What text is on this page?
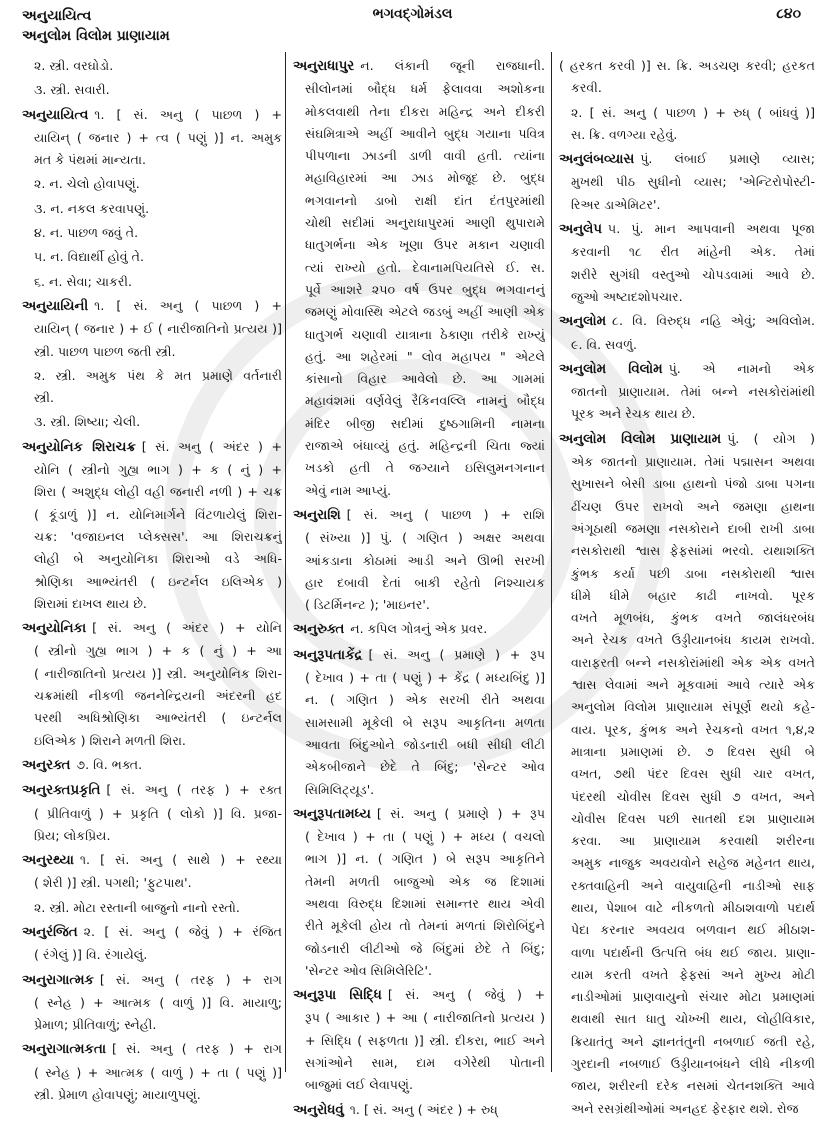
અનુયાયિત્વ
અનુલોમ વિલોમ પ્રાણાયામ
ભગવદ્ગોમંડલ	૮૪૦
૨. સ્ત્રી. વરઘોડો.
૩. સ્ત્રી. સવારી.
અનુયાયિત્વ ૧. [ સં. અનુ ( પાછળ ) +
યાયિન્ ( જનાર ) + ત્વ ( પણું )] ન. અમુક
મત કે પંથમાં માન્યતા.
૨. ન. ચેલો હોવાપણું.
૩. ન. નકલ કરવાપણું.
૪. ન. પાછળ જવું તે.
૫. ન. વિદ્યાર્થી હોવું તે.
૬. ન. સેવા; ચાકરી.
અનુયાયિની ૧. [ સં. અનુ ( પાછળ ) +
યાયિન્ ( જનાર ) + ઈ ( નારીજાતિનો પ્રત્યય )]
સ્ત્રી. પાછળ પાછળ જતી સ્ત્રી.
૨. સ્ત્રી. અમુક પંથ કે મત પ્રમાણે વર્તનારી
સ્ત્રી.
૩. સ્ત્રી. શિષ્યા; ચેલી.
અનુયોનિક શિરાચક્ર [ સં. અનુ ( અંદર ) +
યોનિ ( સ્ત્રીનો ગુહ્ય ભાગ ) + ક ( નું ) +
શિરા ( અશુદ્ધ લોહી વહી જનારી નળી ) + ચક્ર
( કૂંડાળું )] ન. યોનિમાર્ગને વિંટળાયેલું શિરા-
ચક્ર: 'વજાઇનલ પ્લેક્સસ'. આ શિરાચક્રનું
લોહી બે અનુયોનિકા શિરાઓ વડે અધિ-
શ્રોણિકા આભ્યંતરી ( ઇન્ટર્નલ ઇલિએક )
શિરામાં દાખલ થાય છે.
અનુયોનિકા [ સં. અનુ ( અંદર ) + યોનિ
( સ્ત્રીનો ગુહ્ય ભાગ ) + ક ( નું ) + આ
( નારીજાતિનો પ્રત્યય )] સ્ત્રી. અનુયોનિક શિરા-
ચક્રમાંથી નીકળી જનનેન્દ્રિયની અંદરની હદ
પરથી અધિશ્રોણિકા આભ્યંતરી ( ઇન્ટર્નલ
ઇલિએક ) શિરાને મળતી શિરા.
અનુરક્ત ૭. વિ. ભક્ત.
અનુરક્તપ્રકૃતિ [ સં. અનુ ( તરફ ) + રક્ત
( પ્રીતિવાળું ) + પ્રકૃતિ ( લોકો )] વિ. પ્રજા-
પ્રિય; લોકપ્રિય.
અનુરથ્યા ૧. [ સં. અનુ ( સાથે ) + રથ્યા
( શેરી )] સ્ત્રી. પગથી; 'ફુટપાથ'.
૨. સ્ત્રી. મોટા રસ્તાની બાજુનો નાનો રસ્તો.
અનુરંજિત ૨. [ સં. અનુ ( જેવું ) + રંજિત
( રંગેલું )] વિ. રંગાયેલું.
અનુરાગાત્મક [ સં. અનુ ( તરફ ) + રાગ
( સ્નેહ ) + આત્મક ( વાળું )] વિ. માયાળુ;
પ્રેમાળ; પ્રીતિવાળું; સ્નેહી.
અનુરાગાત્મકતા [ સં. અનુ ( તરફ ) + રાગ
( સ્નેહ ) + આત્મક ( વાળું ) + તા ( પણું )]
સ્ત્રી. પ્રેમાળ હોવાપણું; માયાળુપણું.
અનુરાધાપુર ન. લંકાની જૂની રાજધાની.
સીલોનમાં બૌદ્ધ ધર્મ ફેલાવવા અશોકના
મોકલવાથી તેના દીકરા મહિન્દ્ર અને દીકરી
સંઘમિત્રાએ અહીં આવીને બુદ્ધ ગયાના પવિત્ર
પીપળાના ઝાડની ડાળી વાવી હતી. ત્યાંના
મહાવિહારમાં આ ઝાડ મોજૂદ છે. બુદ્ધ
ભગવાનનો ડાબો રાક્ષી દાંત દંતપુરમાંથી
ચોથી સદીમાં અનુરાધાપુરમાં આણી થુપારામે
ધાતુગર્ભના એક ખૂણા ઉપર મકાન ચણાવી
ત્યાં રાખ્યો હતો. દેવાનામપિયતિસે ઈ. સ.
પૂર્વે આશરે ૨૫૦ વર્ષ ઉપર બુદ્ધ ભગવાનનું
જમણું મોવાસ્થિ એટલે જડબું અહીં આણી એક
ધાતુગર્ભ ચણાવી યાત્રાના ઠેકાણા તરીકે રાખ્યું
હતું. આ શહેરમાં " લોવ મહાપય " એટલે
કાંસાનો વિહાર આવેલો છે. આ ગામમાં
મહાવંશમાં વર્ણવેલું રૈકિનવલ્લિ નામનું બૌદ્ધ
મંદિર બીજી સદીમાં દુષ્ઠગામિની નામના
રાજાએ બંધાવ્યું હતું. મહિન્દ્રની ચિતા જ્યાં
ખડકો હતી તે જગ્યાને ઇસિલુમનગનાન
એવું નામ આપ્યું.
અનુરાશિ [ સં. અનુ ( પાછળ ) + રાશિ
( સંખ્યા )] પું. ( ગણિત ) અક્ષર અથવા
આંકડાના કોઠામાં આડી અને ઊભી સરખી
હાર દબાવી દેતાં બાકી રહેતો નિશ્ચાયક
( ડિટર્મિનન્ટ ); 'માઇનર'.
અનુરુક્ત ન. કપિલ ગોત્રનું એક પ્રવર.
અનુરૂપતાકેંદ્ર [ સં. અનુ ( પ્રમાણે ) + રૂપ
( દેખાવ ) + તા ( પણું ) + કેંદ્ર ( મધ્યબિંદુ )]
ન. ( ગણિત ) એક સરખી રીતે અથવા
સામસામી મૂકેલી બે સરૂપ આકૃતિના મળતા
આવતા બિંદુઓને જોડનારી બધી સીધી લીટી
એકબીજાને છેદે તે બિંદુ; 'સેન્ટર ઓવ
સિમિલિટ્યૂડ'.
અનુરૂપતામધ્ય [ સં. અનુ ( પ્રમાણે ) + રૂપ
( દેખાવ ) + તા ( પણું ) + મધ્ય ( વચલો
ભાગ )] ન. ( ગણિત ) બે સરૂપ આકૃતિને
તેમની મળતી બાજુઓ એક જ દિશામાં
અથવા વિરુદ્ધ દિશામાં સમાન્તર થાય એવી
રીતે મૂકેલી હોય તો તેમનાં મળતાં શિરોબિંદુને
જોડનારી લીટીઓ જે બિંદુમાં છેદે તે બિંદુ;
'સેન્ટર ઓવ સિમિલેરિટિ'.
અનુરૂપા સિદ્ધિ [ સં. અનુ ( જેવું ) +
રૂપ ( આકાર ) + આ ( નારીજાતિનો પ્રત્યય )
+ સિદ્ધિ ( સફળતા )] સ્ત્રી. દીકરા, ભાઈ અને
સગાંઓને સામ, દામ વગેરેથી પોતાની
બાજુમાં લઈ લેવાપણું.
અનુરોધવું ૧. [ સં. અનુ ( અંદર ) + રુધ્
( હરકત કરવી )] સ. ક્રિ. અડચણ કરવી; હરકત
કરવી.
૨. [ સં. અનુ ( પાછળ ) + રુધ્ ( બાંધવું )]
સ. ક્રિ. વળગ્યા રહેવું.
અનુલંબવ્યાસ પું. લંબાઈ પ્રમાણે વ્યાસ;
મુખથી પીઠ સુધીનો વ્યાસ; 'એન્ટિરોપોસ્ટી-
રિઅર ડાએમિટર'.
અનુલેપ ૫. પું. માન આપવાની અથવા પૂજા
કરવાની ૧૮ રીત માંહેની એક. તેમાં
શરીરે સુગંધી વસ્તુઓ ચોપડવામાં આવે છે.
જુઓ અષ્ટાદશોપચાર.
અનુલોમ ૮. વિ. વિરુદ્ધ નહિ એવું; અવિલોમ.
૯. વિ. સવળું.
અનુલોમ વિલોમ પું. એ નામનો એક
જાતનો પ્રાણાયામ. તેમાં બન્ને નસકોરાંમાંથી
પૂરક અને રેચક થાય છે.
અનુલોમ વિલોમ પ્રાણાયામ પું. ( યોગ )
એક જાતનો પ્રાણાયામ. તેમાં પદ્માસન અથવા
સુખાસને બેસી ડાબા હાથનો પંજો ડાબા પગના
ઢીંચણ ઉપર રાખવો અને જમણા હાથના
અંગૂઠાથી જમણા નસકોરાને દાબી રાખી ડાબા
નસકોરાથી શ્વાસ ફેફસાંમાં ભરવો. યથાશક્તિ
કુંભક કર્યા પછી ડાબા નસકોરાથી શ્વાસ
ધીમે ધીમે બહાર કાઢી નાખવો. પૂરક
વખતે મૂળબંધ, કુંભક વખતે જાલંધરબંધ
અને રેચક વખતે ઉડ્ડીયાનબંધ કાયમ રાખવો.
વારાફરતી બન્ને નસકોરાંમાંથી એક એક વખતે
શ્વાસ લેવામાં અને મૂકવામાં આવે ત્યારે એક
અનુલોમ વિલોમ પ્રાણાયામ સંપૂર્ણ થયો કહે-
વાય. પૂરક, કુંભક અને રેચકનો વખત ૧,૪,૨
માત્રાના પ્રમાણમાં છે. ૭ દિવસ સુધી બે
વખત, ૭થી પંદર દિવસ સુધી ચાર વખત,
પંદરથી ચોવીસ દિવસ સુધી ૭ વખત, અને
ચોવીસ દિવસ પછી સાતથી દશ પ્રાણાયામ
કરવા. આ પ્રાણાયામ કરવાથી શરીરના
અમુક નાજુક અવયવોને સહેજ મહેનત થાય,
રક્તવાહિની અને વાયુવાહિની નાડીઓ સાફ
થાય, પેશાબ વાટે નીકળતો મીઠાશવાળો પદાર્થ
પેદા કરનાર અવયવ બળવાન થઈ મીઠાશ-
વાળા પદાર્થની ઉત્પત્તિ બંધ થઈ જાય. પ્રાણા-
યામ કરતી વખતે ફેફસાં અને મુખ્ય મોટી
નાડીઓમાં પ્રાણવાયુનો સંચાર મોટા પ્રમાણમાં
થવાથી સાત ધાતુ ચોખ્ખી થાય, લોહીવિકાર,
ક્રિયાતંતુ અને જ્ઞાનતંતુની નબળાઈ જતી રહે,
ગુરદાની નબળાઈ ઉડ્ડીયાનબંધને લીધે નીકળી
જાય, શરીરની દરેક નસમાં ચેતનશક્તિ આવે
અને રસગ્રંથીઓમાં અનહદ ફેરફાર થશે. રોજ
